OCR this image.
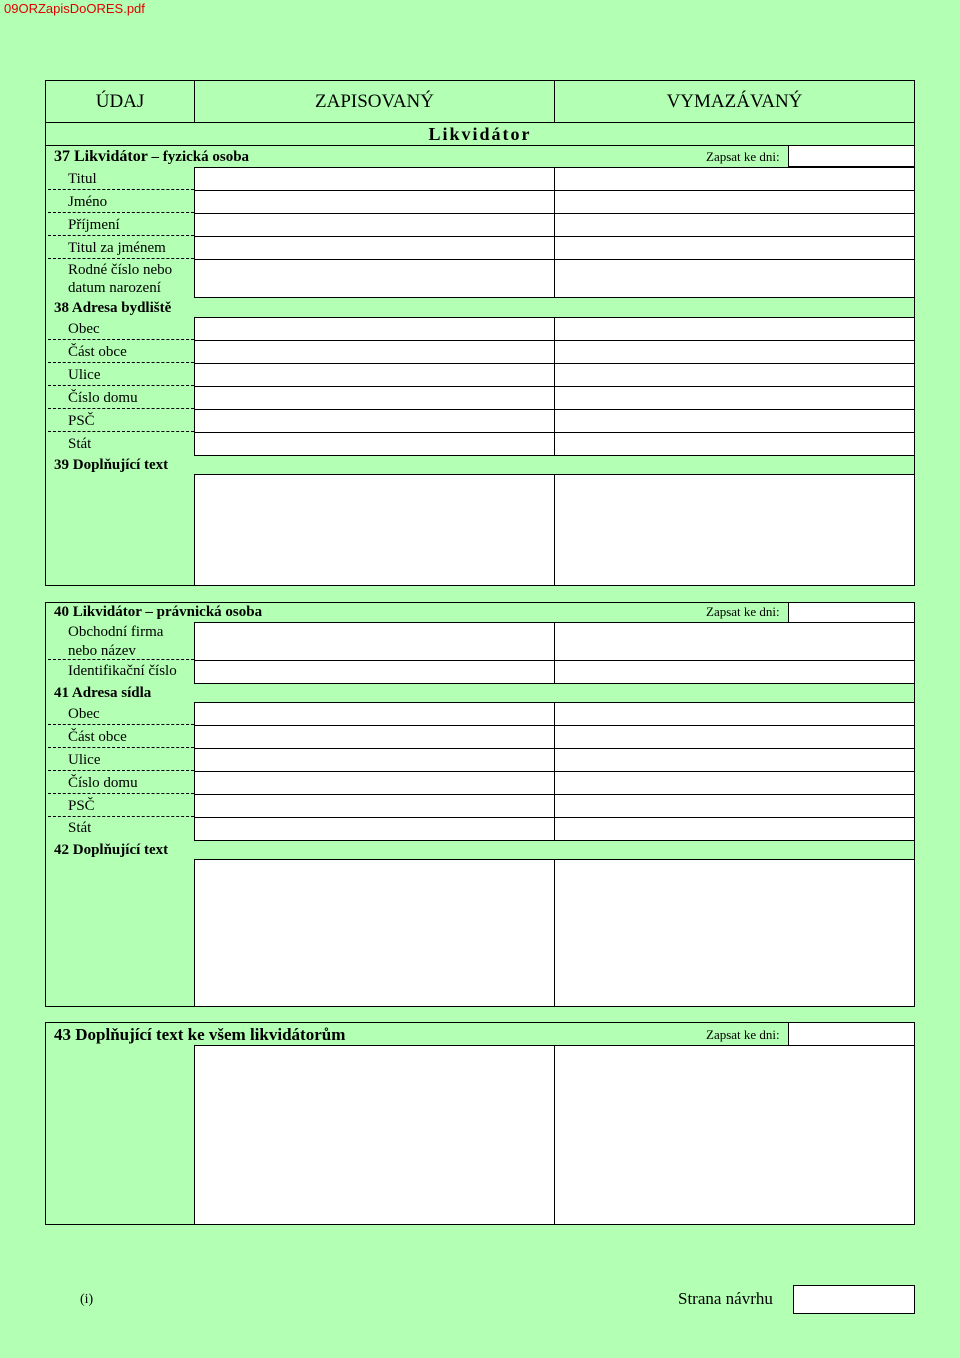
09ORZapisDoORES.pdf
ÚDAJ	ZAPISOVANÝ	VYMAZÁVANÝ
Likvidátor
37 Likvidátor – fyzická osoba	Zapsat ke dni:
Titul
Jméno
Příjmení
Titul za jménem
Rodné číslo nebo
datum narození
38 Adresa bydliště
Obec
Část obce
Ulice
Číslo domu
PSČ
Stát
39 Doplňující text
40 Likvidátor – právnická osoba	Zapsat ke dni:
Obchodní firma
nebo název
Identifikační číslo
41 Adresa sídla
Obec
Část obce
Ulice
Číslo domu
PSČ
Stát
42 Doplňující text
43 Doplňující text ke všem likvidátorům	Zapsat ke dni:
(i)	Strana návrhu
